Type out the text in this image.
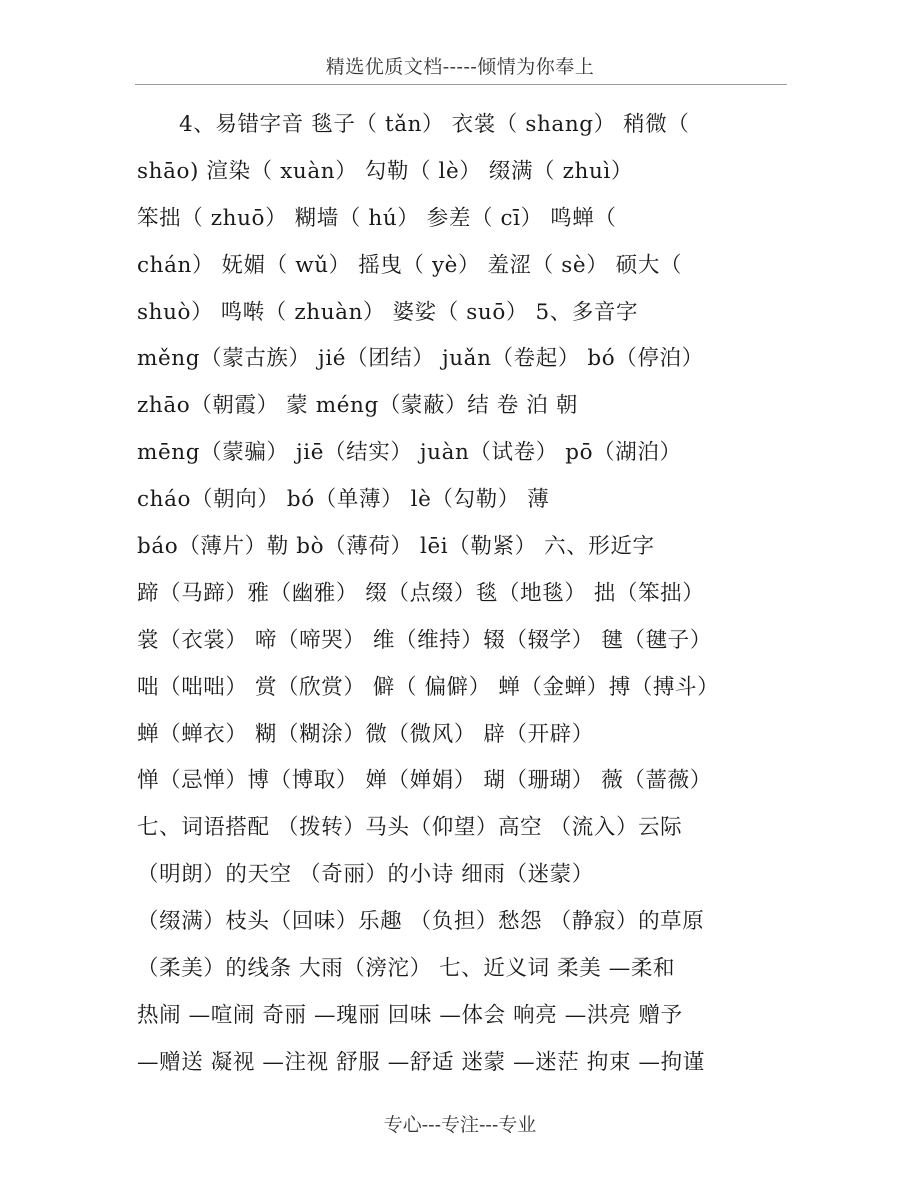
精选优质文档-----倾情为你奉上
4、易错字音 毯子（ tǎn） 衣裳（ shang） 稍微（
shāo) 渲染（ xuàn） 勾勒（ lè） 缀满（ zhuì）
笨拙（ zhuō） 糊墙（ hú） 参差（ cī） 鸣蝉（
chán） 妩媚（ wǔ） 摇曳（ yè） 羞涩（ sè） 硕大（
shuò） 鸣啭（ zhuàn） 婆娑（ suō） 5、多音字
měng（蒙古族） jié（团结） juǎn（卷起） bó（停泊）
zhāo（朝霞） 蒙 méng（蒙蔽）结 卷 泊 朝
mēng（蒙骗） jiē（结实） juàn（试卷） pō（湖泊）
cháo（朝向） bó（单薄） lè（勾勒） 薄
báo（薄片）勒 bò（薄荷） lēi（勒紧） 六、形近字
蹄（马蹄）雅（幽雅） 缀（点缀）毯（地毯） 拙（笨拙）
裳（衣裳） 啼（啼哭） 维（维持）辍（辍学） 毽（毽子）
咄（咄咄） 赏（欣赏） 僻（ 偏僻） 蝉（金蝉）搏（搏斗）
蝉（蝉衣） 糊（糊涂）微（微风） 辟（开辟）
惮（忌惮）博（博取） 婵（婵娟） 瑚（珊瑚） 薇（蔷薇）
七、词语搭配 （拨转）马头（仰望）高空 （流入）云际
（明朗）的天空 （奇丽）的小诗 细雨（迷蒙）
（缀满）枝头（回味）乐趣 （负担）愁怨 （静寂）的草原
（柔美）的线条 大雨（滂沱） 七、近义词 柔美 —柔和
热闹 —喧闹 奇丽 —瑰丽 回味 —体会 响亮 —洪亮 赠予
—赠送 凝视 —注视 舒服 —舒适 迷蒙 —迷茫 拘束 —拘谨
专心---专注---专业
